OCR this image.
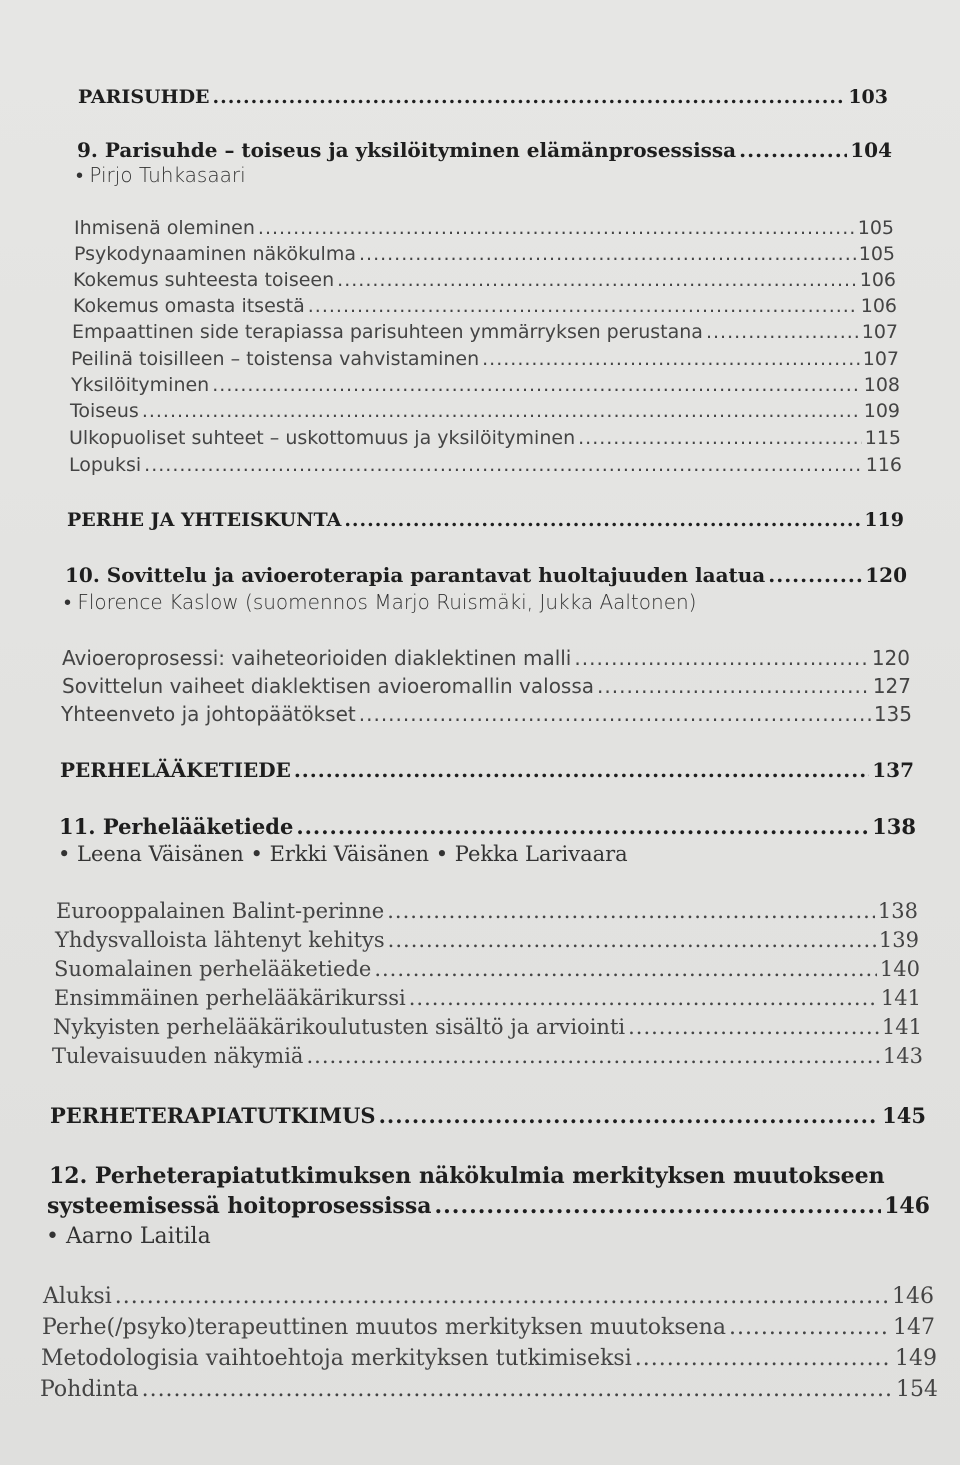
PARISUHDE .....	103
9. Parisuhde – toiseus ja yksilöityminen elämänprosessissa .....	104
• Pirjo Tuhkasaari
Ihmisenä oleminen .....	105
Psykodynaaminen näkökulma .....	105
Kokemus suhteesta toiseen .....	106
Kokemus omasta itsestä .....	106
Empaattinen side terapiassa parisuhteen ymmärryksen perustana .....	107
Peilinä toisilleen – toistensa vahvistaminen .....	107
Yksilöityminen .....	108
Toiseus .....	109
Ulkopuoliset suhteet – uskottomuus ja yksilöityminen .....	115
Lopuksi .....	116
PERHE JA YHTEISKUNTA .....	119
10. Sovittelu ja avioeroterapia parantavat huoltajuuden laatua .....	120
• Florence Kaslow (suomennos Marjo Ruismäki, Jukka Aaltonen)
Avioeroprosessi: vaiheteorioiden diaklektinen malli .....	120
Sovittelun vaiheet diaklektisen avioeromallin valossa .....	127
Yhteenveto ja johtopäätökset .....	135
PERHELÄÄKETIEDE .....	137
11. Perhelääketiede .....	138
• Leena Väisänen • Erkki Väisänen • Pekka Larivaara
Eurooppalainen Balint-perinne .....	138
Yhdysvalloista lähtenyt kehitys .....	139
Suomalainen perhelääketiede .....	140
Ensimmäinen perhelääkärikurssi .....	141
Nykyisten perhelääkärikoulutusten sisältö ja arviointi .....	141
Tulevaisuuden näkymiä .....	143
PERHETERAPIATUTKIMUS .....	145
12. Perheterapiatutkimuksen näkökulmia merkityksen muutokseen
systeemisessä hoitoprosessissa .....	146
• Aarno Laitila
Aluksi .....	146
Perhe(/psyko)terapeuttinen muutos merkityksen muutoksena .....	147
Metodologisia vaihtoehtoja merkityksen tutkimiseksi .....	149
Pohdinta .....	154
